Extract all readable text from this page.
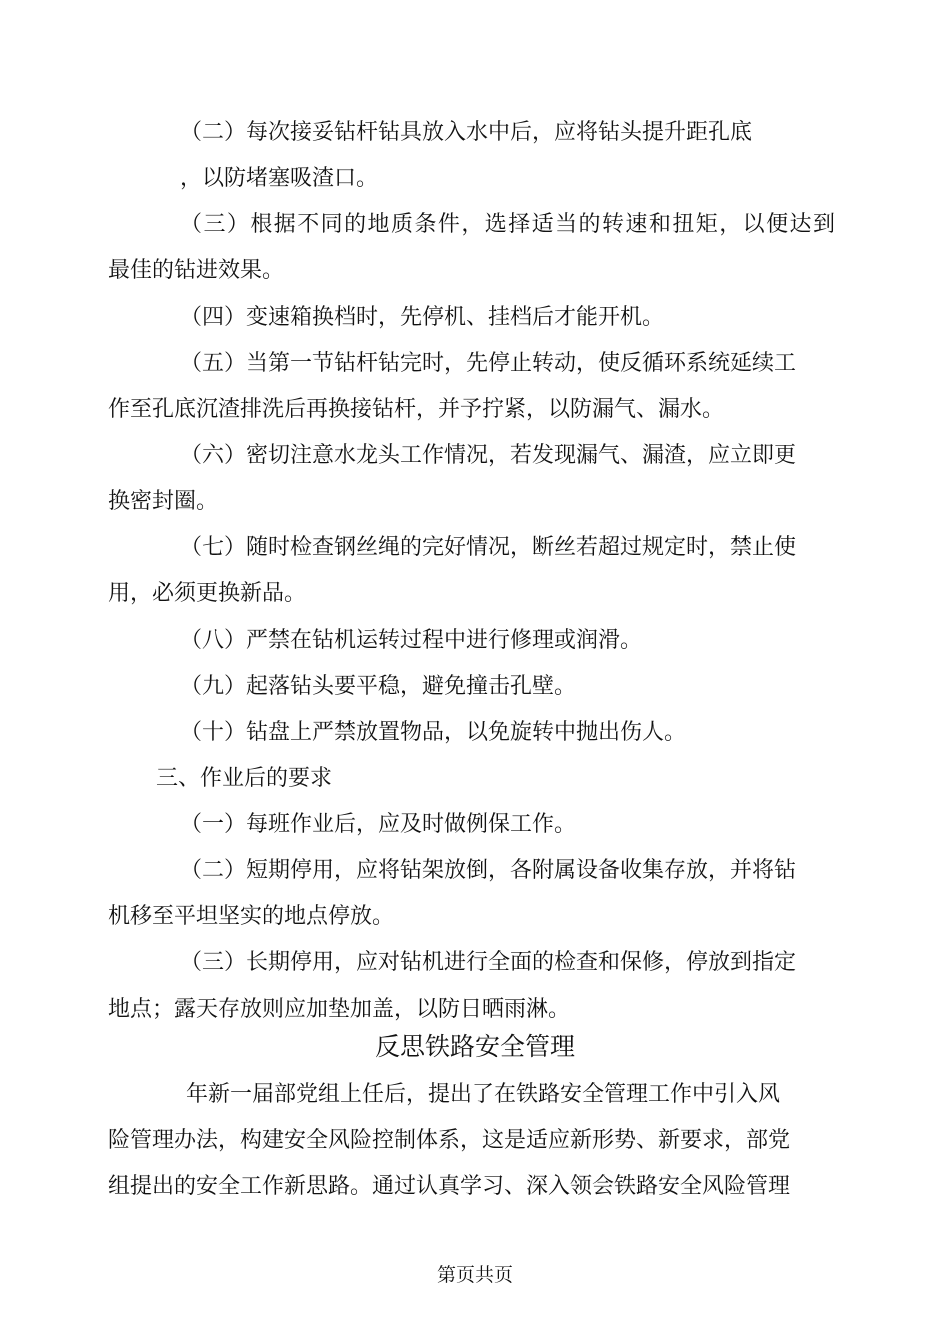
（二）每次接妥钻杆钻具放入水中后，应将钻头提升距孔底
，以防堵塞吸渣口。
（三）根据不同的地质条件，选择适当的转速和扭矩，以便达到
最佳的钻进效果。
（四）变速箱换档时，先停机、挂档后才能开机。
（五）当第一节钻杆钻完时，先停止转动，使反循环系统延续工
作至孔底沉渣排洗后再换接钻杆，并予拧紧，以防漏气、漏水。
（六）密切注意水龙头工作情况，若发现漏气、漏渣，应立即更
换密封圈。
（七）随时检查钢丝绳的完好情况，断丝若超过规定时，禁止使
用，必须更换新品。
（八）严禁在钻机运转过程中进行修理或润滑。
（九）起落钻头要平稳，避免撞击孔壁。
（十）钻盘上严禁放置物品，以免旋转中抛出伤人。
三、作业后的要求
（一）每班作业后，应及时做例保工作。
（二）短期停用，应将钻架放倒，各附属设备收集存放，并将钻
机移至平坦坚实的地点停放。
（三）长期停用，应对钻机进行全面的检查和保修，停放到指定
地点；露天存放则应加垫加盖，以防日晒雨淋。
反思铁路安全管理
年新一届部党组上任后，提出了在铁路安全管理工作中引入风
险管理办法，构建安全风险控制体系，这是适应新形势、新要求，部党
组提出的安全工作新思路。通过认真学习、深入领会铁路安全风险管理
第页共页
